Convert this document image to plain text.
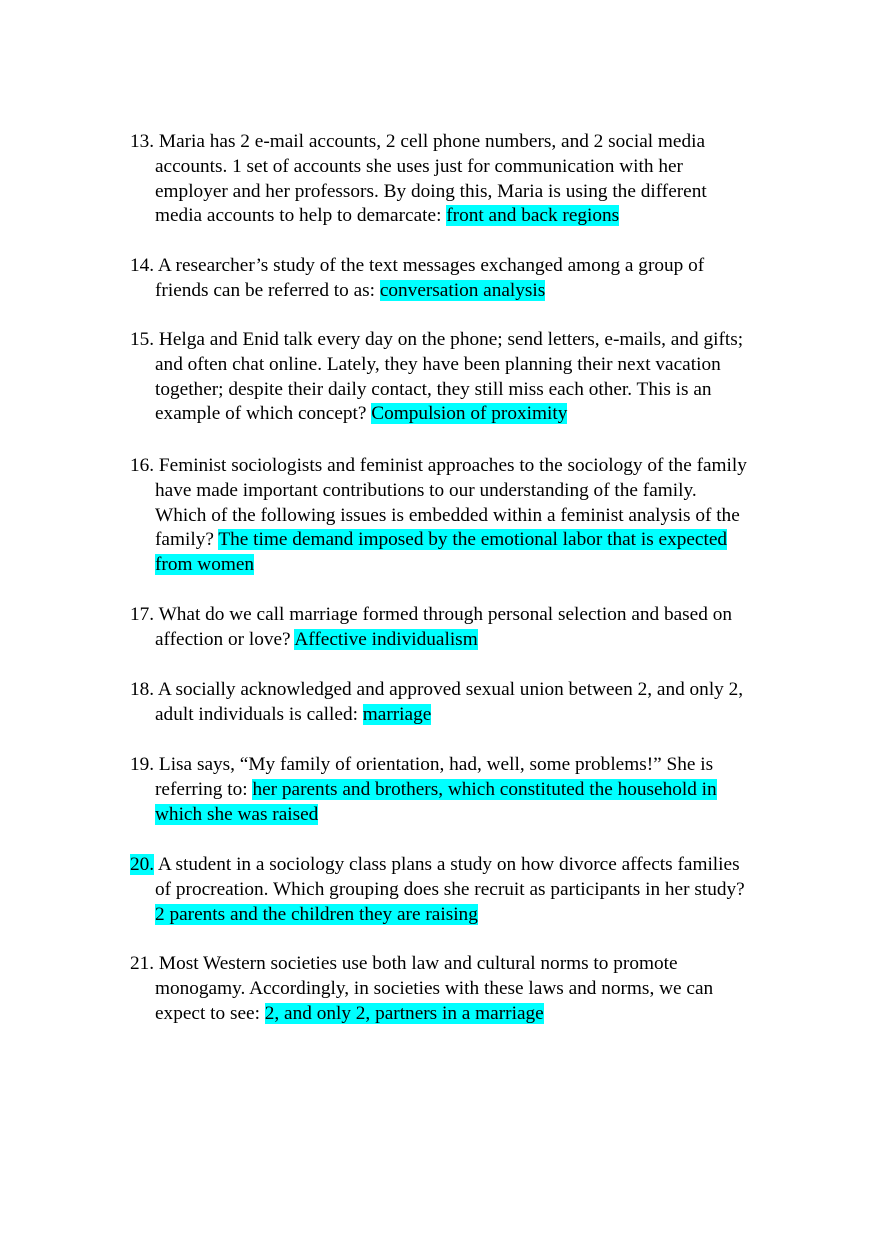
13. Maria has 2 e-mail accounts, 2 cell phone numbers, and 2 social media
accounts. 1 set of accounts she uses just for communication with her
employer and her professors. By doing this, Maria is using the different
media accounts to help to demarcate: front and back regions
14. A researcher’s study of the text messages exchanged among a group of
friends can be referred to as: conversation analysis
15. Helga and Enid talk every day on the phone; send letters, e-mails, and gifts;
and often chat online. Lately, they have been planning their next vacation
together; despite their daily contact, they still miss each other. This is an
example of which concept? Compulsion of proximity
16. Feminist sociologists and feminist approaches to the sociology of the family
have made important contributions to our understanding of the family.
Which of the following issues is embedded within a feminist analysis of the
family? The time demand imposed by the emotional labor that is expected
from women
17. What do we call marriage formed through personal selection and based on
affection or love? Affective individualism
18. A socially acknowledged and approved sexual union between 2, and only 2,
adult individuals is called: marriage
19. Lisa says, “My family of orientation, had, well, some problems!” She is
referring to: her parents and brothers, which constituted the household in
which she was raised
20. A student in a sociology class plans a study on how divorce affects families
of procreation. Which grouping does she recruit as participants in her study?
2 parents and the children they are raising
21. Most Western societies use both law and cultural norms to promote
monogamy. Accordingly, in societies with these laws and norms, we can
expect to see: 2, and only 2, partners in a marriage
